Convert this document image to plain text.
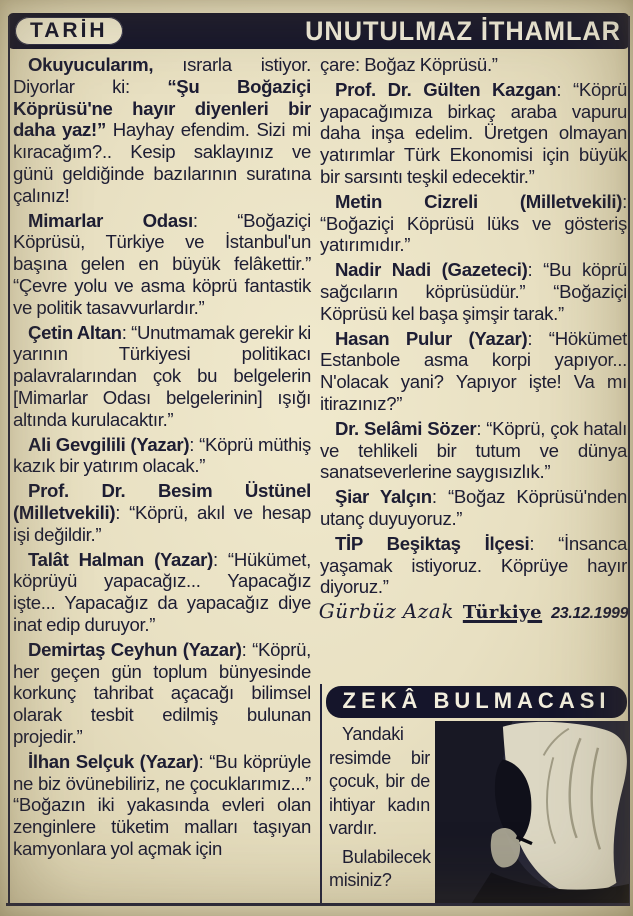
TARİH	UNUTULMAZ İTHAMLAR

Okuyucularım, ısrarla istiyor. Diyorlar ki: “Şu Boğaziçi Köprüsü'ne hayır diyenleri bir daha yaz!” Hayhay efendim. Sizi mi kıracağım?.. Kesip saklayınız ve günü geldiğinde bazılarının suratına çalınız!

Mimarlar Odası: “Boğaziçi Köprüsü, Türkiye ve İstanbul'un başına gelen en büyük felâkettir.” “Çevre yolu ve asma köprü fantastik ve politik tasavvurlardır.”

Çetin Altan: “Unutmamak gerekir ki yarının Türkiyesi politikacı palavralarından çok bu belgelerin [Mimarlar Odası belgelerinin] ışığı altında kurulacaktır.”

Ali Gevgilili (Yazar): “Köprü müthiş kazık bir yatırım olacak.”

Prof. Dr. Besim Üstünel (Milletvekili): “Köprü, akıl ve hesap işi değildir.”

Talât Halman (Yazar): “Hükümet, köprüyü yapacağız... Yapacağız işte... Yapacağız da yapacağız diye inat edip duruyor.”

Demirtaş Ceyhun (Yazar): “Köprü, her geçen gün toplum bünyesinde korkunç tahribat açacağı bilimsel olarak tesbit edilmiş bulunan projedir.”

İlhan Selçuk (Yazar): “Bu köprüyle ne biz övünebiliriz, ne çocuklarımız...” “Boğazın iki yakasında evleri olan zenginlere tüketim malları taşıyan kamyonlara yol açmak için

çare: Boğaz Köprüsü.”

Prof. Dr. Gülten Kazgan: “Köprü yapacağımıza birkaç araba vapuru daha inşa edelim. Üretgen olmayan yatırımlar Türk Ekonomisi için büyük bir sarsıntı teşkil edecektir.”

Metin Cizreli (Milletvekili): “Boğaziçi Köprüsü lüks ve gösteriş yatırımıdır.”

Nadir Nadi (Gazeteci): “Bu köprü sağcıların köprüsüdür.” “Boğaziçi Köprüsü kel başa şimşir tarak.”

Hasan Pulur (Yazar): “Hökümet Estanbole asma korpi yapıyor... N'olacak yani? Yapıyor işte! Va mı itirazınız?”

Dr. Selâmi Sözer: “Köprü, çok hatalı ve tehlikeli bir tutum ve dünya sanatseverlerine saygısızlık.”

Şiar Yalçın: “Boğaz Köprüsü'nden utanç duyuyoruz.”

TİP Beşiktaş İlçesi: “İnsanca yaşamak istiyoruz. Köprüye hayır diyoruz.”

Gürbüz Azak Türkiye 23.12.1999
ZEKÂ BULMACASI

Yandaki resimde bir çocuk, bir de ihtiyar kadın vardır.

Bulabilecek misiniz?
